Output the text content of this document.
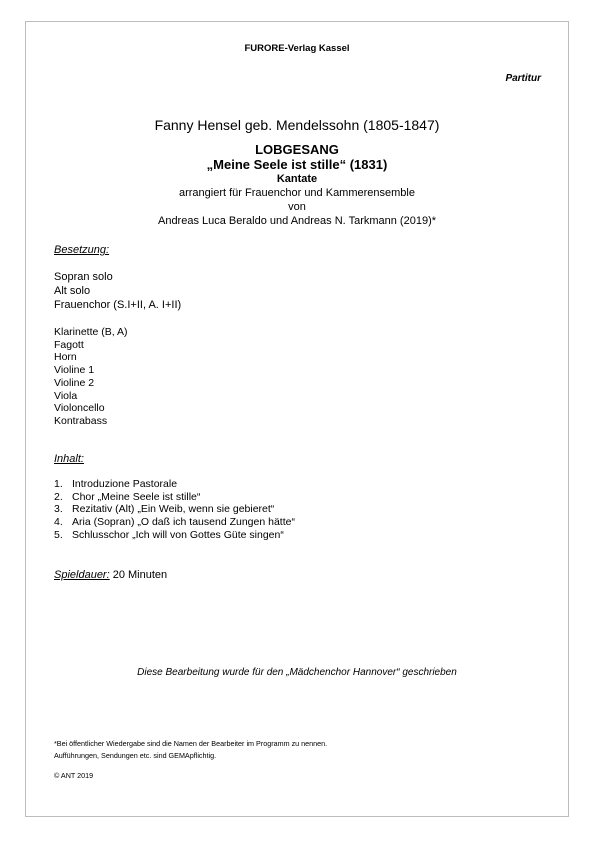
FURORE-Verlag Kassel
Partitur
Fanny Hensel geb. Mendelssohn (1805-1847)
LOBGESANG
„Meine Seele ist stille“ (1831)
Kantate
arrangiert für Frauenchor und Kammerensemble
von
Andreas Luca Beraldo und Andreas N. Tarkmann (2019)*
Besetzung:
Sopran solo
Alt solo
Frauenchor (S.I+II, A. I+II)
Klarinette (B, A)
Fagott
Horn
Violine 1
Violine 2
Viola
Violoncello
Kontrabass
Inhalt:
1. Introduzione Pastorale
2. Chor „Meine Seele ist stille“
3. Rezitativ (Alt) „Ein Weib, wenn sie gebieret“
4. Aria (Sopran) „O daß ich tausend Zungen hätte“
5. Schlusschor „Ich will von Gottes Güte singen“
Spieldauer: 20 Minuten
Diese Bearbeitung wurde für den „Mädchenchor Hannover“ geschrieben
*Bei öffentlicher Wiedergabe sind die Namen der Bearbeiter im Programm zu nennen.
Aufführungen, Sendungen etc. sind GEMApflichtig.
© ANT 2019
